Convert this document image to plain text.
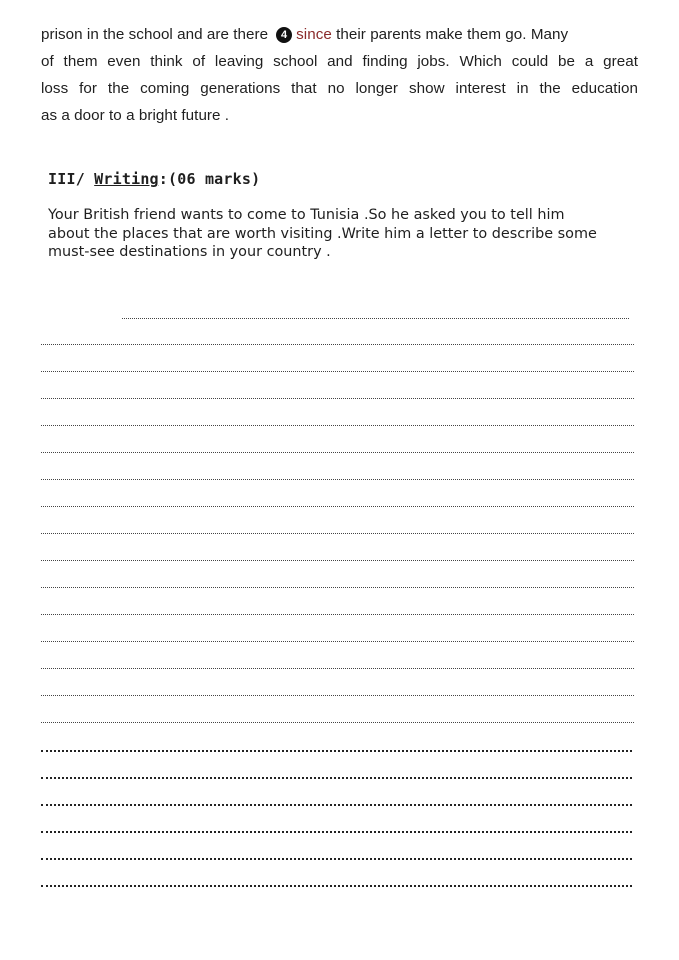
prison in the school and are there 4 since their parents make them go. Many
of them even think of leaving school and finding jobs. Which could be a great
loss for the coming generations that no longer show interest in the education
as a door to a bright future .
III/ Writing:(06 marks)
Your British friend wants to come to Tunisia .So he asked you to tell him
about the places that are worth visiting .Write him a letter to describe some
must-see destinations in your country .
